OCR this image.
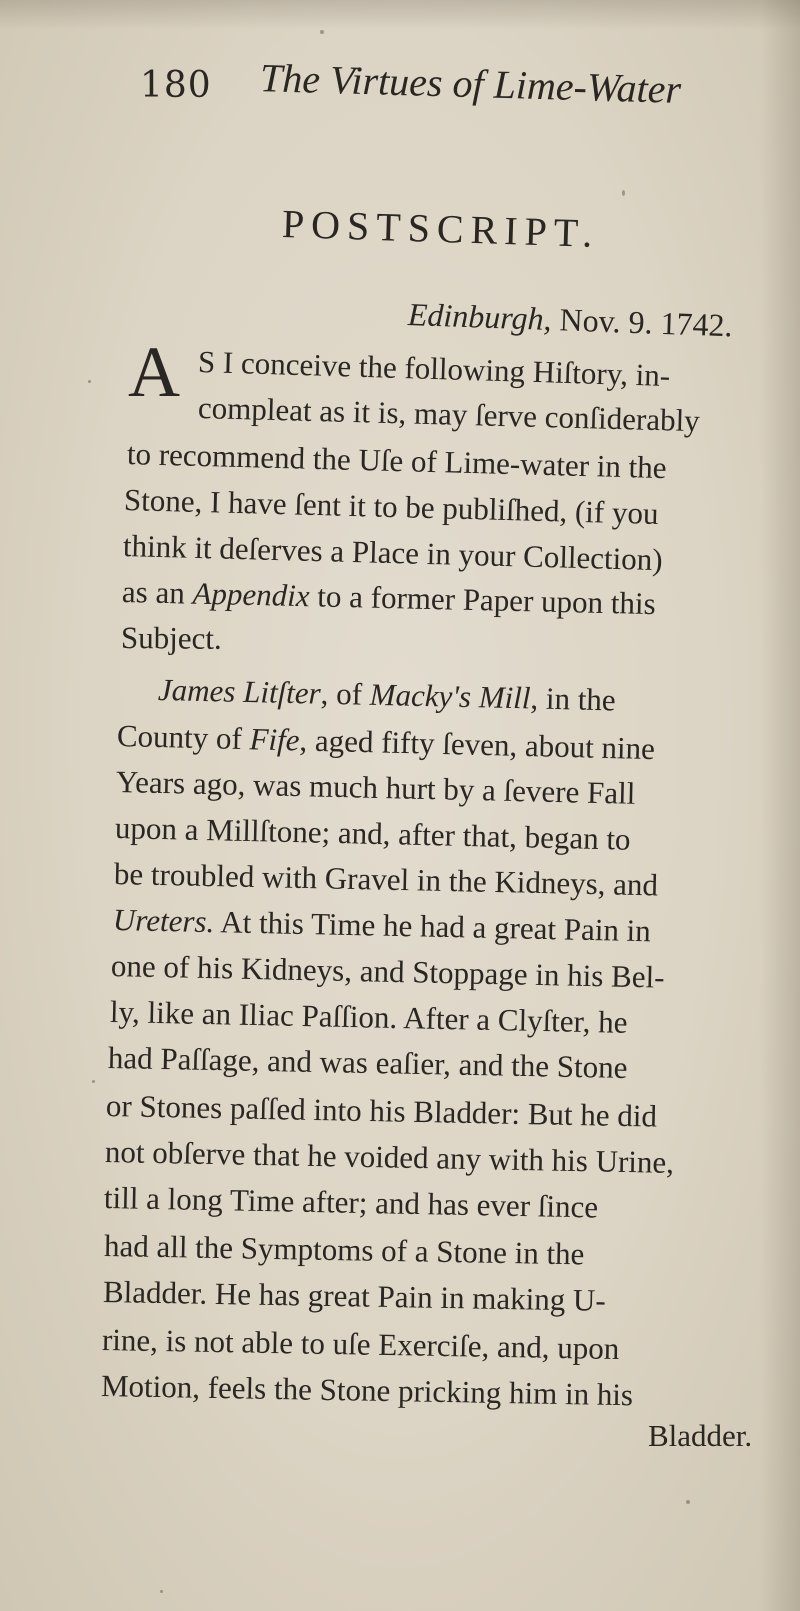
180 The Virtues of Lime-Water
POSTSCRIPT.
Edinburgh, Nov. 9. 1742.
A S I conceive the following Hiſtory, in-
compleat as it is, may ſerve conſiderably
to recommend the Uſe of Lime-water in the
Stone, I have ſent it to be publiſhed, (if you
think it deſerves a Place in your Collection)
as an Appendix to a former Paper upon this
Subject.
James Litſter, of Macky's Mill, in the
County of Fife, aged fifty ſeven, about nine
Years ago, was much hurt by a ſevere Fall
upon a Millſtone; and, after that, began to
be troubled with Gravel in the Kidneys, and
Ureters. At this Time he had a great Pain in
one of his Kidneys, and Stoppage in his Bel-
ly, like an Iliac Paſſion. After a Clyſter, he
had Paſſage, and was eaſier, and the Stone
or Stones paſſed into his Bladder: But he did
not obſerve that he voided any with his Urine,
till a long Time after; and has ever ſince
had all the Symptoms of a Stone in the
Bladder. He has great Pain in making U-
rine, is not able to uſe Exerciſe, and, upon
Motion, feels the Stone pricking him in his
Bladder.
